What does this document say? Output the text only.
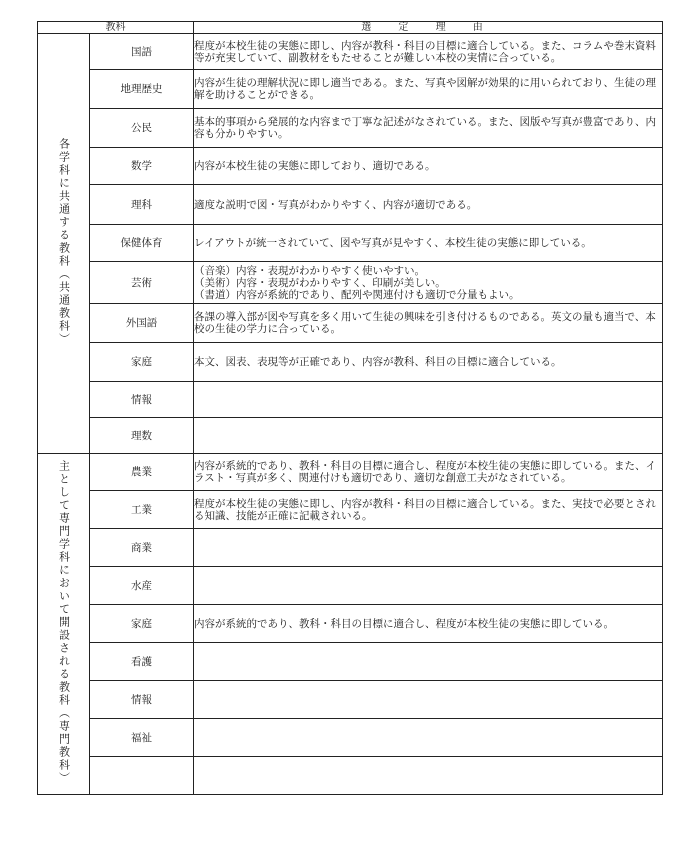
教科		選 定 理 由
各学科に共通する教科（共通教科）	国語	程度が本校生徒の実態に即し、内容が教科・科目の目標に適合している。また、コラムや巻末資料等が充実していて、副教材をもたせることが難しい本校の実情に合っている。
	地理歴史	内容が生徒の理解状況に即し適当である。また、写真や図解が効果的に用いられており、生徒の理解を助けることができる。
	公民	基本的事項から発展的な内容まで丁寧な記述がなされている。また、図版や写真が豊富であり、内容も分かりやすい。
	数学	内容が本校生徒の実態に即しており、適切である。
	理科	適度な説明で図・写真がわかりやすく、内容が適切である。
	保健体育	レイアウトが統一されていて、図や写真が見やすく、本校生徒の実態に即している。
	芸術	（音楽）内容・表現がわかりやすく使いやすい。
（美術）内容・表現がわかりやすく、印刷が美しい。
（書道）内容が系統的であり、配列や関連付けも適切で分量もよい。
	外国語	各課の導入部が図や写真を多く用いて生徒の興味を引き付けるものである。英文の量も適当で、本校の生徒の学力に合っている。
	家庭	本文、図表、表現等が正確であり、内容が教科、科目の目標に適合している。
	情報	
	理数	
主として専門学科において開設される教科（専門教科）	農業	内容が系統的であり、教科・科目の目標に適合し、程度が本校生徒の実態に即している。また、イラスト・写真が多く、関連付けも適切であり、適切な創意工夫がなされている。
	工業	程度が本校生徒の実態に即し、内容が教科・科目の目標に適合している。また、実技で必要とされる知識、技能が正確に記載されいる。
	商業	
	水産	
	家庭	内容が系統的であり、教科・科目の目標に適合し、程度が本校生徒の実態に即している。
	看護	
	情報	
	福祉	
